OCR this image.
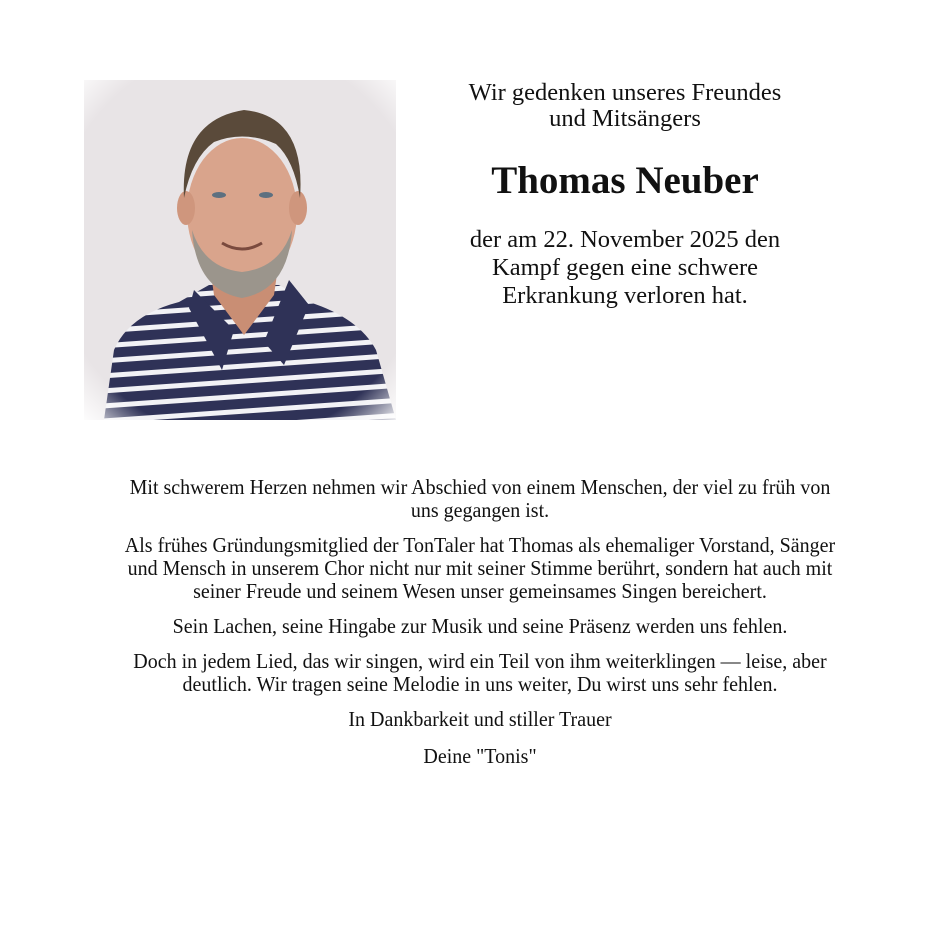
Wir gedenken unseres Freundes
und Mitsängers

Thomas Neuber

der am 22. November 2025 den
Kampf gegen eine schwere
Erkrankung verloren hat.

Mit schwerem Herzen nehmen wir Abschied von einem Menschen, der viel zu früh von uns gegangen ist.

Als frühes Gründungsmitglied der TonTaler hat Thomas als ehemaliger Vorstand, Sänger und Mensch in unserem Chor nicht nur mit seiner Stimme berührt, sondern hat auch mit seiner Freude und seinem Wesen unser gemeinsames Singen bereichert.

Sein Lachen, seine Hingabe zur Musik und seine Präsenz werden uns fehlen.

Doch in jedem Lied, das wir singen, wird ein Teil von ihm weiterklingen — leise, aber deutlich. Wir tragen seine Melodie in uns weiter, Du wirst uns sehr fehlen.

In Dankbarkeit und stiller Trauer

Deine "Tonis"
